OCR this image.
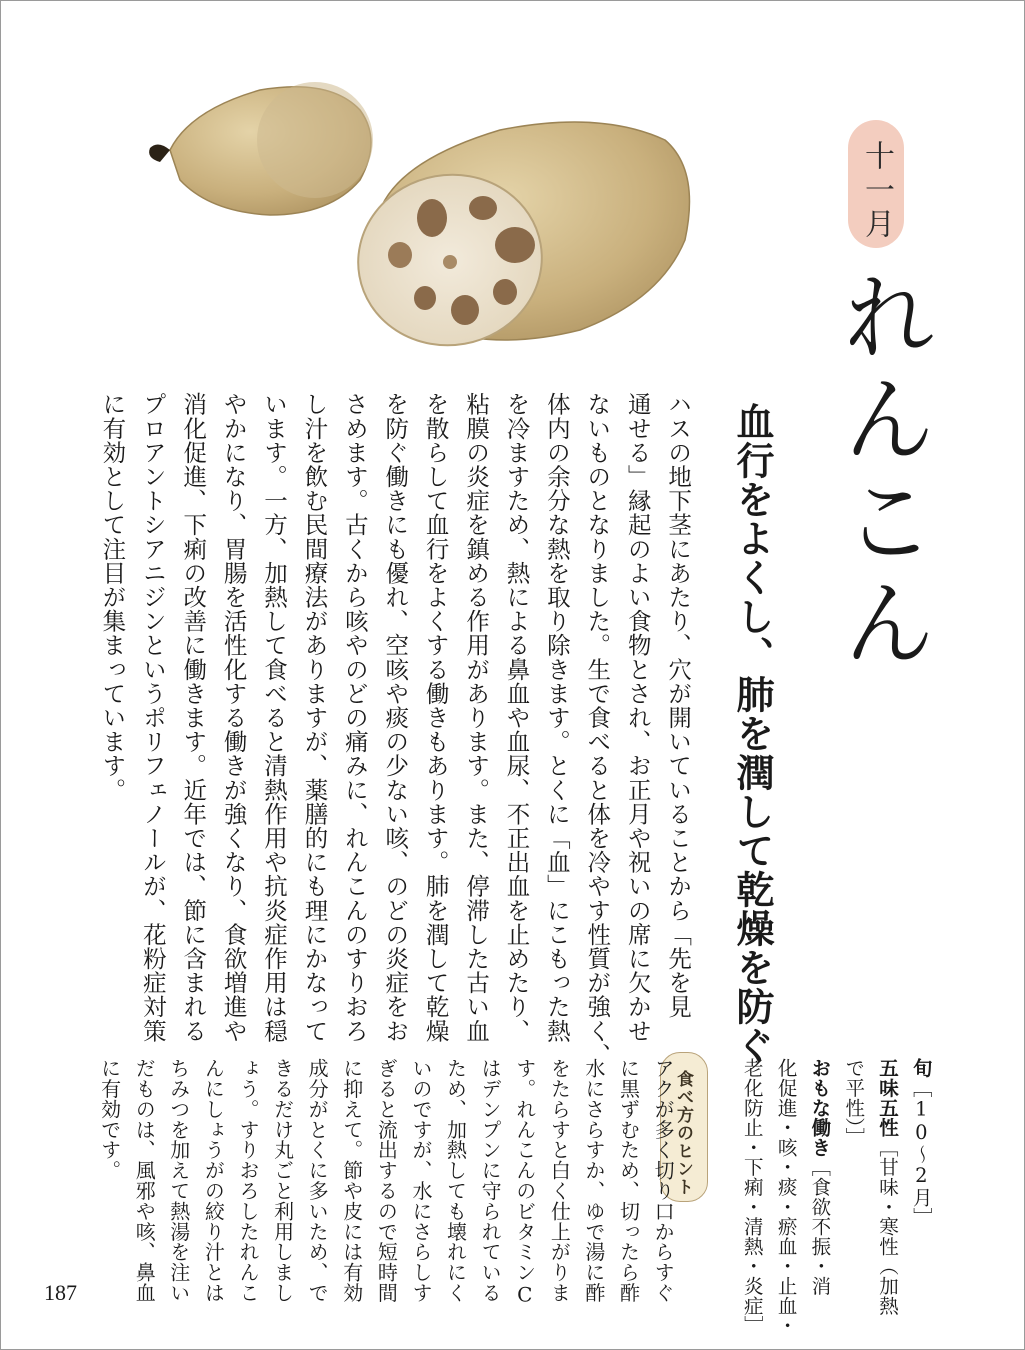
十一月
れんこん
血行をよくし、肺を潤して乾燥を防ぐ
ハスの地下茎にあたり、穴が開いていることから「先を見
通せる」縁起のよい食物とされ、お正月や祝いの席に欠かせ
ないものとなりました。生で食べると体を冷やす性質が強く、
体内の余分な熱を取り除きます。とくに「血」にこもった熱
を冷ますため、熱による鼻血や血尿、不正出血を止めたり、
粘膜の炎症を鎮める作用があります。また、停滞した古い血
を散らして血行をよくする働きもあります。肺を潤して乾燥
を防ぐ働きにも優れ、空咳や痰の少ない咳、のどの炎症をお
さめます。古くから咳やのどの痛みに、れんこんのすりおろ
し汁を飲む民間療法がありますが、薬膳的にも理にかなって
います。一方、加熱して食べると清熱作用や抗炎症作用は穏
やかになり、胃腸を活性化する働きが強くなり、食欲増進や
消化促進、下痢の改善に働きます。近年では、節に含まれる
プロアントシアニジンというポリフェノールが、花粉症対策
に有効として注目が集まっています。
旬［10～2月］
五味五性［甘味・寒性（加熱
で平性）］
おもな働き［食欲不振・消
化促進・咳・痰・瘀血・止血・
老化防止・下痢・清熱・炎症］
食べ方のヒント
アクが多く切り口からすぐ
に黒ずむため、切ったら酢
水にさらすか、ゆで湯に酢
をたらすと白く仕上がりま
す。れんこんのビタミンC
はデンプンに守られている
ため、加熱しても壊れにく
いのですが、水にさらしす
ぎると流出するので短時間
に抑えて。節や皮には有効
成分がとくに多いため、で
きるだけ丸ごと利用しまし
ょう。すりおろしたれんこ
んにしょうがの絞り汁とは
ちみつを加えて熱湯を注い
だものは、風邪や咳、鼻血
に有効です。
187
